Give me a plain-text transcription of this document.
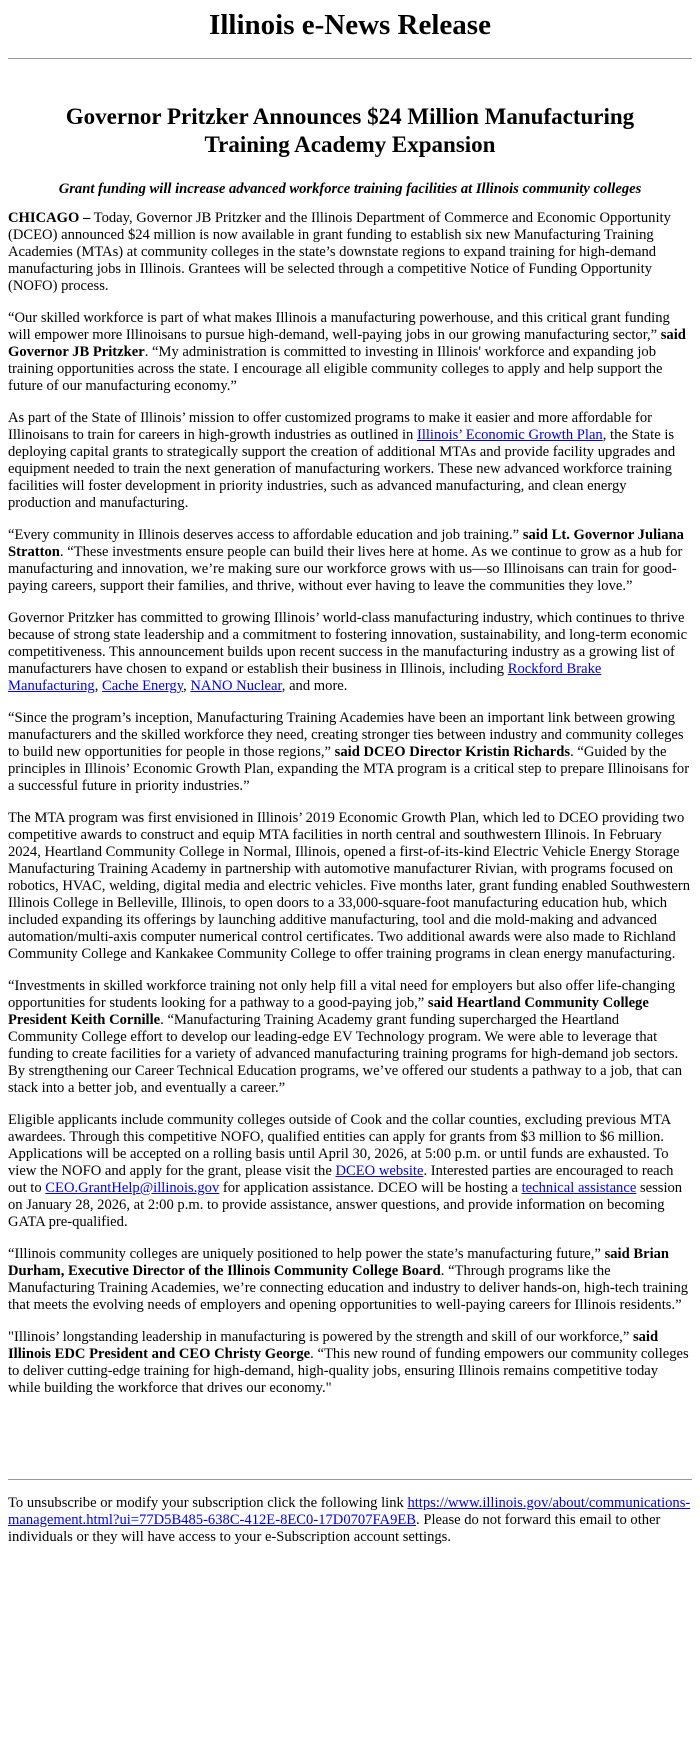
Illinois e-News Release
Governor Pritzker Announces $24 Million Manufacturing Training Academy Expansion
Grant funding will increase advanced workforce training facilities at Illinois community colleges

CHICAGO – Today, Governor JB Pritzker and the Illinois Department of Commerce and Economic Opportunity (DCEO) announced $24 million is now available in grant funding to establish six new Manufacturing Training Academies (MTAs) at community colleges in the state’s downstate regions to expand training for high-demand manufacturing jobs in Illinois. Grantees will be selected through a competitive Notice of Funding Opportunity (NOFO) process.

“Our skilled workforce is part of what makes Illinois a manufacturing powerhouse, and this critical grant funding will empower more Illinoisans to pursue high-demand, well-paying jobs in our growing manufacturing sector,” said Governor JB Pritzker. “My administration is committed to investing in Illinois' workforce and expanding job training opportunities across the state. I encourage all eligible community colleges to apply and help support the future of our manufacturing economy.”

As part of the State of Illinois’ mission to offer customized programs to make it easier and more affordable for Illinoisans to train for careers in high-growth industries as outlined in Illinois’ Economic Growth Plan, the State is deploying capital grants to strategically support the creation of additional MTAs and provide facility upgrades and equipment needed to train the next generation of manufacturing workers. These new advanced workforce training facilities will foster development in priority industries, such as advanced manufacturing, and clean energy production and manufacturing.

“Every community in Illinois deserves access to affordable education and job training.” said Lt. Governor Juliana Stratton. “These investments ensure people can build their lives here at home. As we continue to grow as a hub for manufacturing and innovation, we’re making sure our workforce grows with us—so Illinoisans can train for good-paying careers, support their families, and thrive, without ever having to leave the communities they love.”

Governor Pritzker has committed to growing Illinois’ world-class manufacturing industry, which continues to thrive because of strong state leadership and a commitment to fostering innovation, sustainability, and long-term economic competitiveness. This announcement builds upon recent success in the manufacturing industry as a growing list of manufacturers have chosen to expand or establish their business in Illinois, including Rockford Brake Manufacturing, Cache Energy, NANO Nuclear, and more.

“Since the program’s inception, Manufacturing Training Academies have been an important link between growing manufacturers and the skilled workforce they need, creating stronger ties between industry and community colleges to build new opportunities for people in those regions,” said DCEO Director Kristin Richards. “Guided by the principles in Illinois’ Economic Growth Plan, expanding the MTA program is a critical step to prepare Illinoisans for a successful future in priority industries.”

The MTA program was first envisioned in Illinois’ 2019 Economic Growth Plan, which led to DCEO providing two competitive awards to construct and equip MTA facilities in north central and southwestern Illinois. In February 2024, Heartland Community College in Normal, Illinois, opened a first-of-its-kind Electric Vehicle Energy Storage Manufacturing Training Academy in partnership with automotive manufacturer Rivian, with programs focused on robotics, HVAC, welding, digital media and electric vehicles. Five months later, grant funding enabled Southwestern Illinois College in Belleville, Illinois, to open doors to a 33,000-square-foot manufacturing education hub, which included expanding its offerings by launching additive manufacturing, tool and die mold-making and advanced automation/multi-axis computer numerical control certificates. Two additional awards were also made to Richland Community College and Kankakee Community College to offer training programs in clean energy manufacturing.

“Investments in skilled workforce training not only help fill a vital need for employers but also offer life-changing opportunities for students looking for a pathway to a good-paying job,” said Heartland Community College President Keith Cornille. “Manufacturing Training Academy grant funding supercharged the Heartland Community College effort to develop our leading-edge EV Technology program. We were able to leverage that funding to create facilities for a variety of advanced manufacturing training programs for high-demand job sectors. By strengthening our Career Technical Education programs, we’ve offered our students a pathway to a job, that can stack into a better job, and eventually a career.”

Eligible applicants include community colleges outside of Cook and the collar counties, excluding previous MTA awardees. Through this competitive NOFO, qualified entities can apply for grants from $3 million to $6 million. Applications will be accepted on a rolling basis until April 30, 2026, at 5:00 p.m. or until funds are exhausted. To view the NOFO and apply for the grant, please visit the DCEO website. Interested parties are encouraged to reach out to CEO.GrantHelp@illinois.gov for application assistance. DCEO will be hosting a technical assistance session on January 28, 2026, at 2:00 p.m. to provide assistance, answer questions, and provide information on becoming GATA pre-qualified.

“Illinois community colleges are uniquely positioned to help power the state’s manufacturing future,” said Brian Durham, Executive Director of the Illinois Community College Board. “Through programs like the Manufacturing Training Academies, we’re connecting education and industry to deliver hands-on, high-tech training that meets the evolving needs of employers and opening opportunities to well-paying careers for Illinois residents.”

"Illinois’ longstanding leadership in manufacturing is powered by the strength and skill of our workforce,” said Illinois EDC President and CEO Christy George. “This new round of funding empowers our community colleges to deliver cutting-edge training for high-demand, high-quality jobs, ensuring Illinois remains competitive today while building the workforce that drives our economy."

To unsubscribe or modify your subscription click the following link https://www.illinois.gov/about/communications-management.html?ui=77D5B485-638C-412E-8EC0-17D0707FA9EB. Please do not forward this email to other individuals or they will have access to your e-Subscription account settings.
